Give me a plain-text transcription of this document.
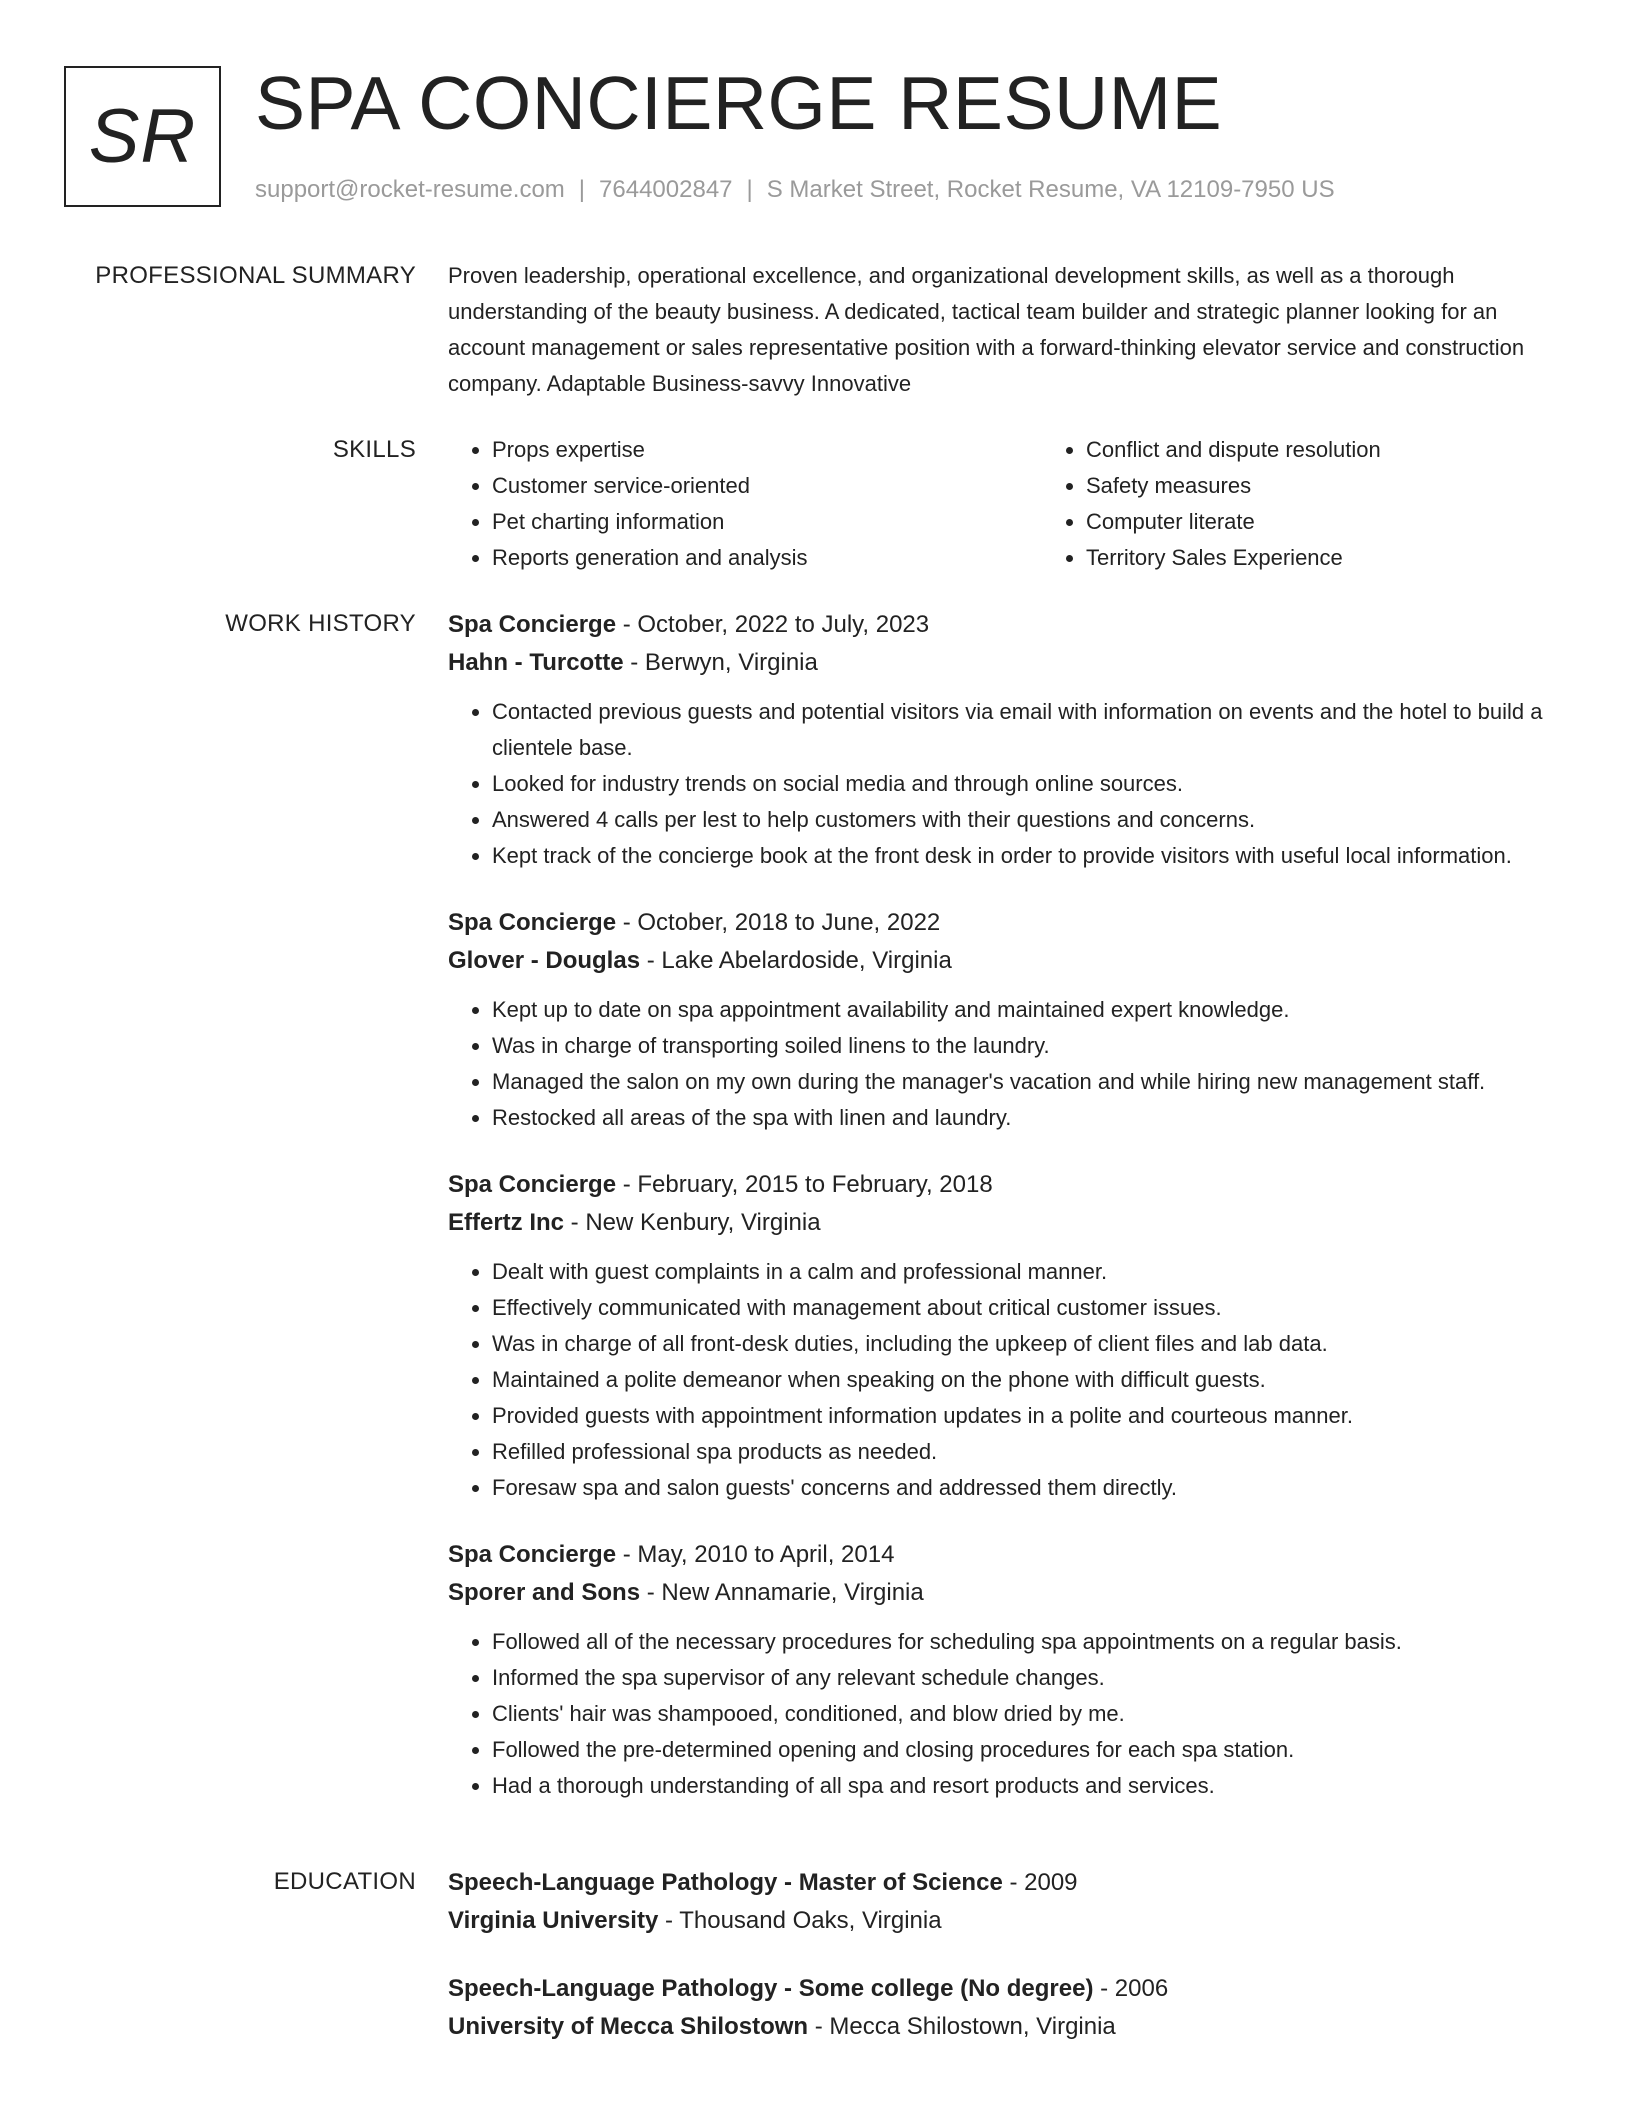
SR SPA CONCIERGE RESUME
support@rocket-resume.com | 7644002847 | S Market Street, Rocket Resume, VA 12109-7950 US
PROFESSIONAL SUMMARY Proven leadership, operational excellence, and organizational development skills, as well as a thorough understanding of the beauty business. A dedicated, tactical team builder and strategic planner looking for an account management or sales representative position with a forward-thinking elevator service and construction company. Adaptable Business-savvy Innovative

SKILLS
•	Props expertise
• Customer service-oriented
• Pet charting information
• Reports generation and analysis
• Conflict and dispute resolution
• Safety measures
• Computer literate
• Territory Sales Experience
WORK HISTORY Spa Concierge - October, 2022 to July, 2023
Hahn - Turcotte - Berwyn, Virginia
• Contacted previous guests and potential visitors via email with information on events and the hotel to build a clientele base.
• Looked for industry trends on social media and through online sources.
• Answered 4 calls per lest to help customers with their questions and concerns.
• Kept track of the concierge book at the front desk in order to provide visitors with useful local information.
Spa Concierge - October, 2018 to June, 2022
Glover - Douglas - Lake Abelardoside, Virginia
• Kept up to date on spa appointment availability and maintained expert knowledge.
• Was in charge of transporting soiled linens to the laundry.
• Managed the salon on my own during the manager's vacation and while hiring new management staff.
• Restocked all areas of the spa with linen and laundry.
Spa Concierge - February, 2015 to February, 2018
Effertz Inc - New Kenbury, Virginia
• Dealt with guest complaints in a calm and professional manner.
• Effectively communicated with management about critical customer issues.
• Was in charge of all front-desk duties, including the upkeep of client files and lab data.
• Maintained a polite demeanor when speaking on the phone with difficult guests.
• Provided guests with appointment information updates in a polite and courteous manner.
• Refilled professional spa products as needed.
• Foresaw spa and salon guests' concerns and addressed them directly.
Spa Concierge - May, 2010 to April, 2014
Sporer and Sons - New Annamarie, Virginia
• Followed all of the necessary procedures for scheduling spa appointments on a regular basis.
• Informed the spa supervisor of any relevant schedule changes.
• Clients' hair was shampooed, conditioned, and blow dried by me.
• Followed the pre-determined opening and closing procedures for each spa station.
• Had a thorough understanding of all spa and resort products and services.
EDUCATION Speech-Language Pathology - Master of Science - 2009
Virginia University - Thousand Oaks, Virginia
Speech-Language Pathology - Some college (No degree) - 2006
University of Mecca Shilostown - Mecca Shilostown, Virginia
